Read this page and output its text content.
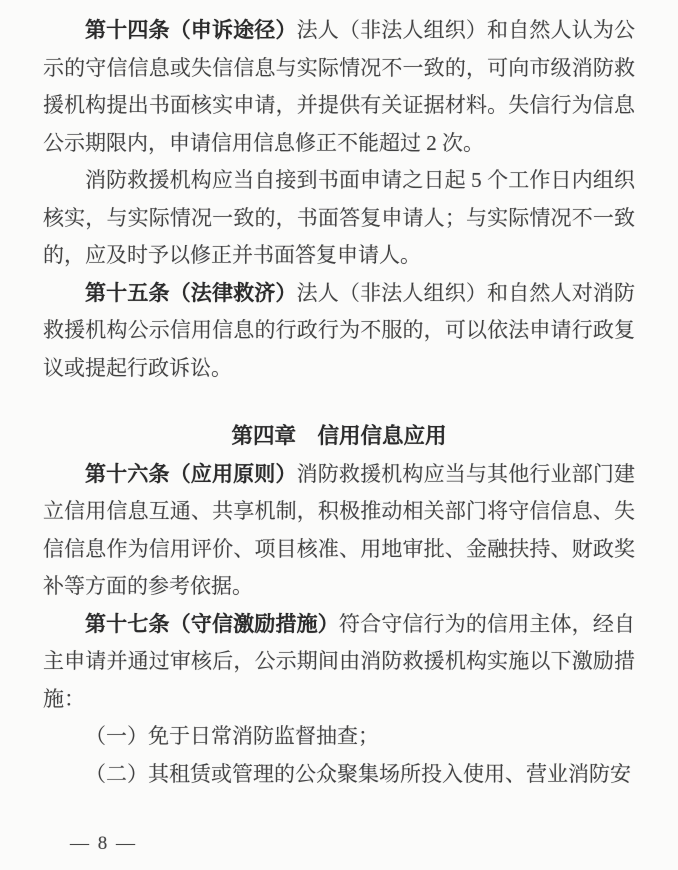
第十四条（申诉途径）法人（非法人组织）和自然人认为公示的守信信息或失信信息与实际情况不一致的，可向市级消防救援机构提出书面核实申请，并提供有关证据材料。失信行为信息公示期限内，申请信用信息修正不能超过 2 次。

消防救援机构应当自接到书面申请之日起 5 个工作日内组织核实，与实际情况一致的，书面答复申请人；与实际情况不一致的，应及时予以修正并书面答复申请人。

第十五条（法律救济）法人（非法人组织）和自然人对消防救援机构公示信用信息的行政行为不服的，可以依法申请行政复议或提起行政诉讼。

第四章　信用信息应用

第十六条（应用原则）消防救援机构应当与其他行业部门建立信用信息互通、共享机制，积极推动相关部门将守信信息、失信信息作为信用评价、项目核准、用地审批、金融扶持、财政奖补等方面的参考依据。

第十七条（守信激励措施）符合守信行为的信用主体，经自主申请并通过审核后，公示期间由消防救援机构实施以下激励措施：

（一）免于日常消防监督抽查；

（二）其租赁或管理的公众聚集场所投入使用、营业消防安

— 8 —
